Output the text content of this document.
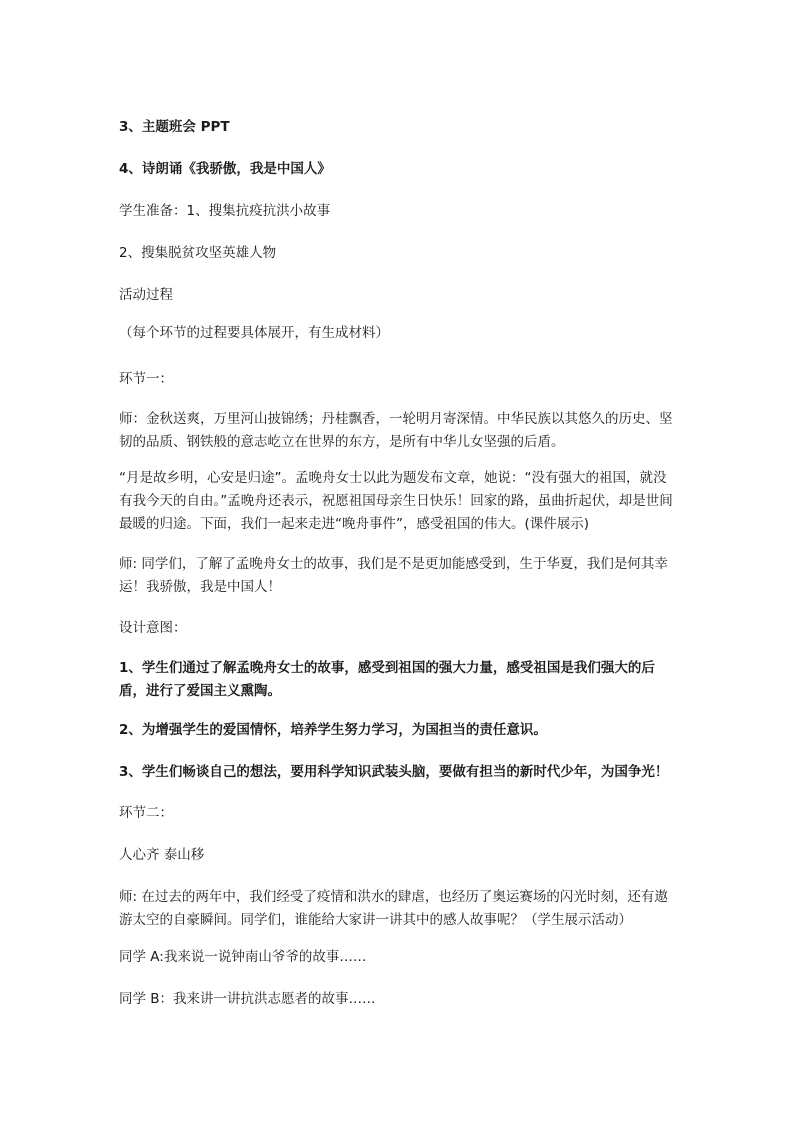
3、主题班会 PPT

4、诗朗诵《我骄傲，我是中国人》

学生准备：1、搜集抗疫抗洪小故事

2、搜集脱贫攻坚英雄人物

活动过程

（每个环节的过程要具体展开，有生成材料）

环节一：

师：金秋送爽，万里河山披锦绣；丹桂飘香，一轮明月寄深情。中华民族以其悠久的历史、坚韧的品质、钢铁般的意志屹立在世界的东方，是所有中华儿女坚强的后盾。

“月是故乡明，心安是归途”。孟晚舟女士以此为题发布文章，她说：“没有强大的祖国，就没有我今天的自由。”孟晚舟还表示，祝愿祖国母亲生日快乐！回家的路，虽曲折起伏，却是世间最暖的归途。下面，我们一起来走进“晚舟事件”，感受祖国的伟大。(课件展示)

师: 同学们，了解了孟晚舟女士的故事，我们是不是更加能感受到，生于华夏，我们是何其幸运！我骄傲，我是中国人！

设计意图：

1、学生们通过了解孟晚舟女士的故事，感受到祖国的强大力量，感受祖国是我们强大的后盾，进行了爱国主义熏陶。

2、为增强学生的爱国情怀，培养学生努力学习，为国担当的责任意识。

3、学生们畅谈自己的想法，要用科学知识武装头脑，要做有担当的新时代少年，为国争光！

环节二：

人心齐 泰山移

师: 在过去的两年中，我们经受了疫情和洪水的肆虐，也经历了奥运赛场的闪光时刻，还有遨游太空的自豪瞬间。同学们，谁能给大家讲一讲其中的感人故事呢？（学生展示活动）

同学 A:我来说一说钟南山爷爷的故事……

同学 B：我来讲一讲抗洪志愿者的故事……
